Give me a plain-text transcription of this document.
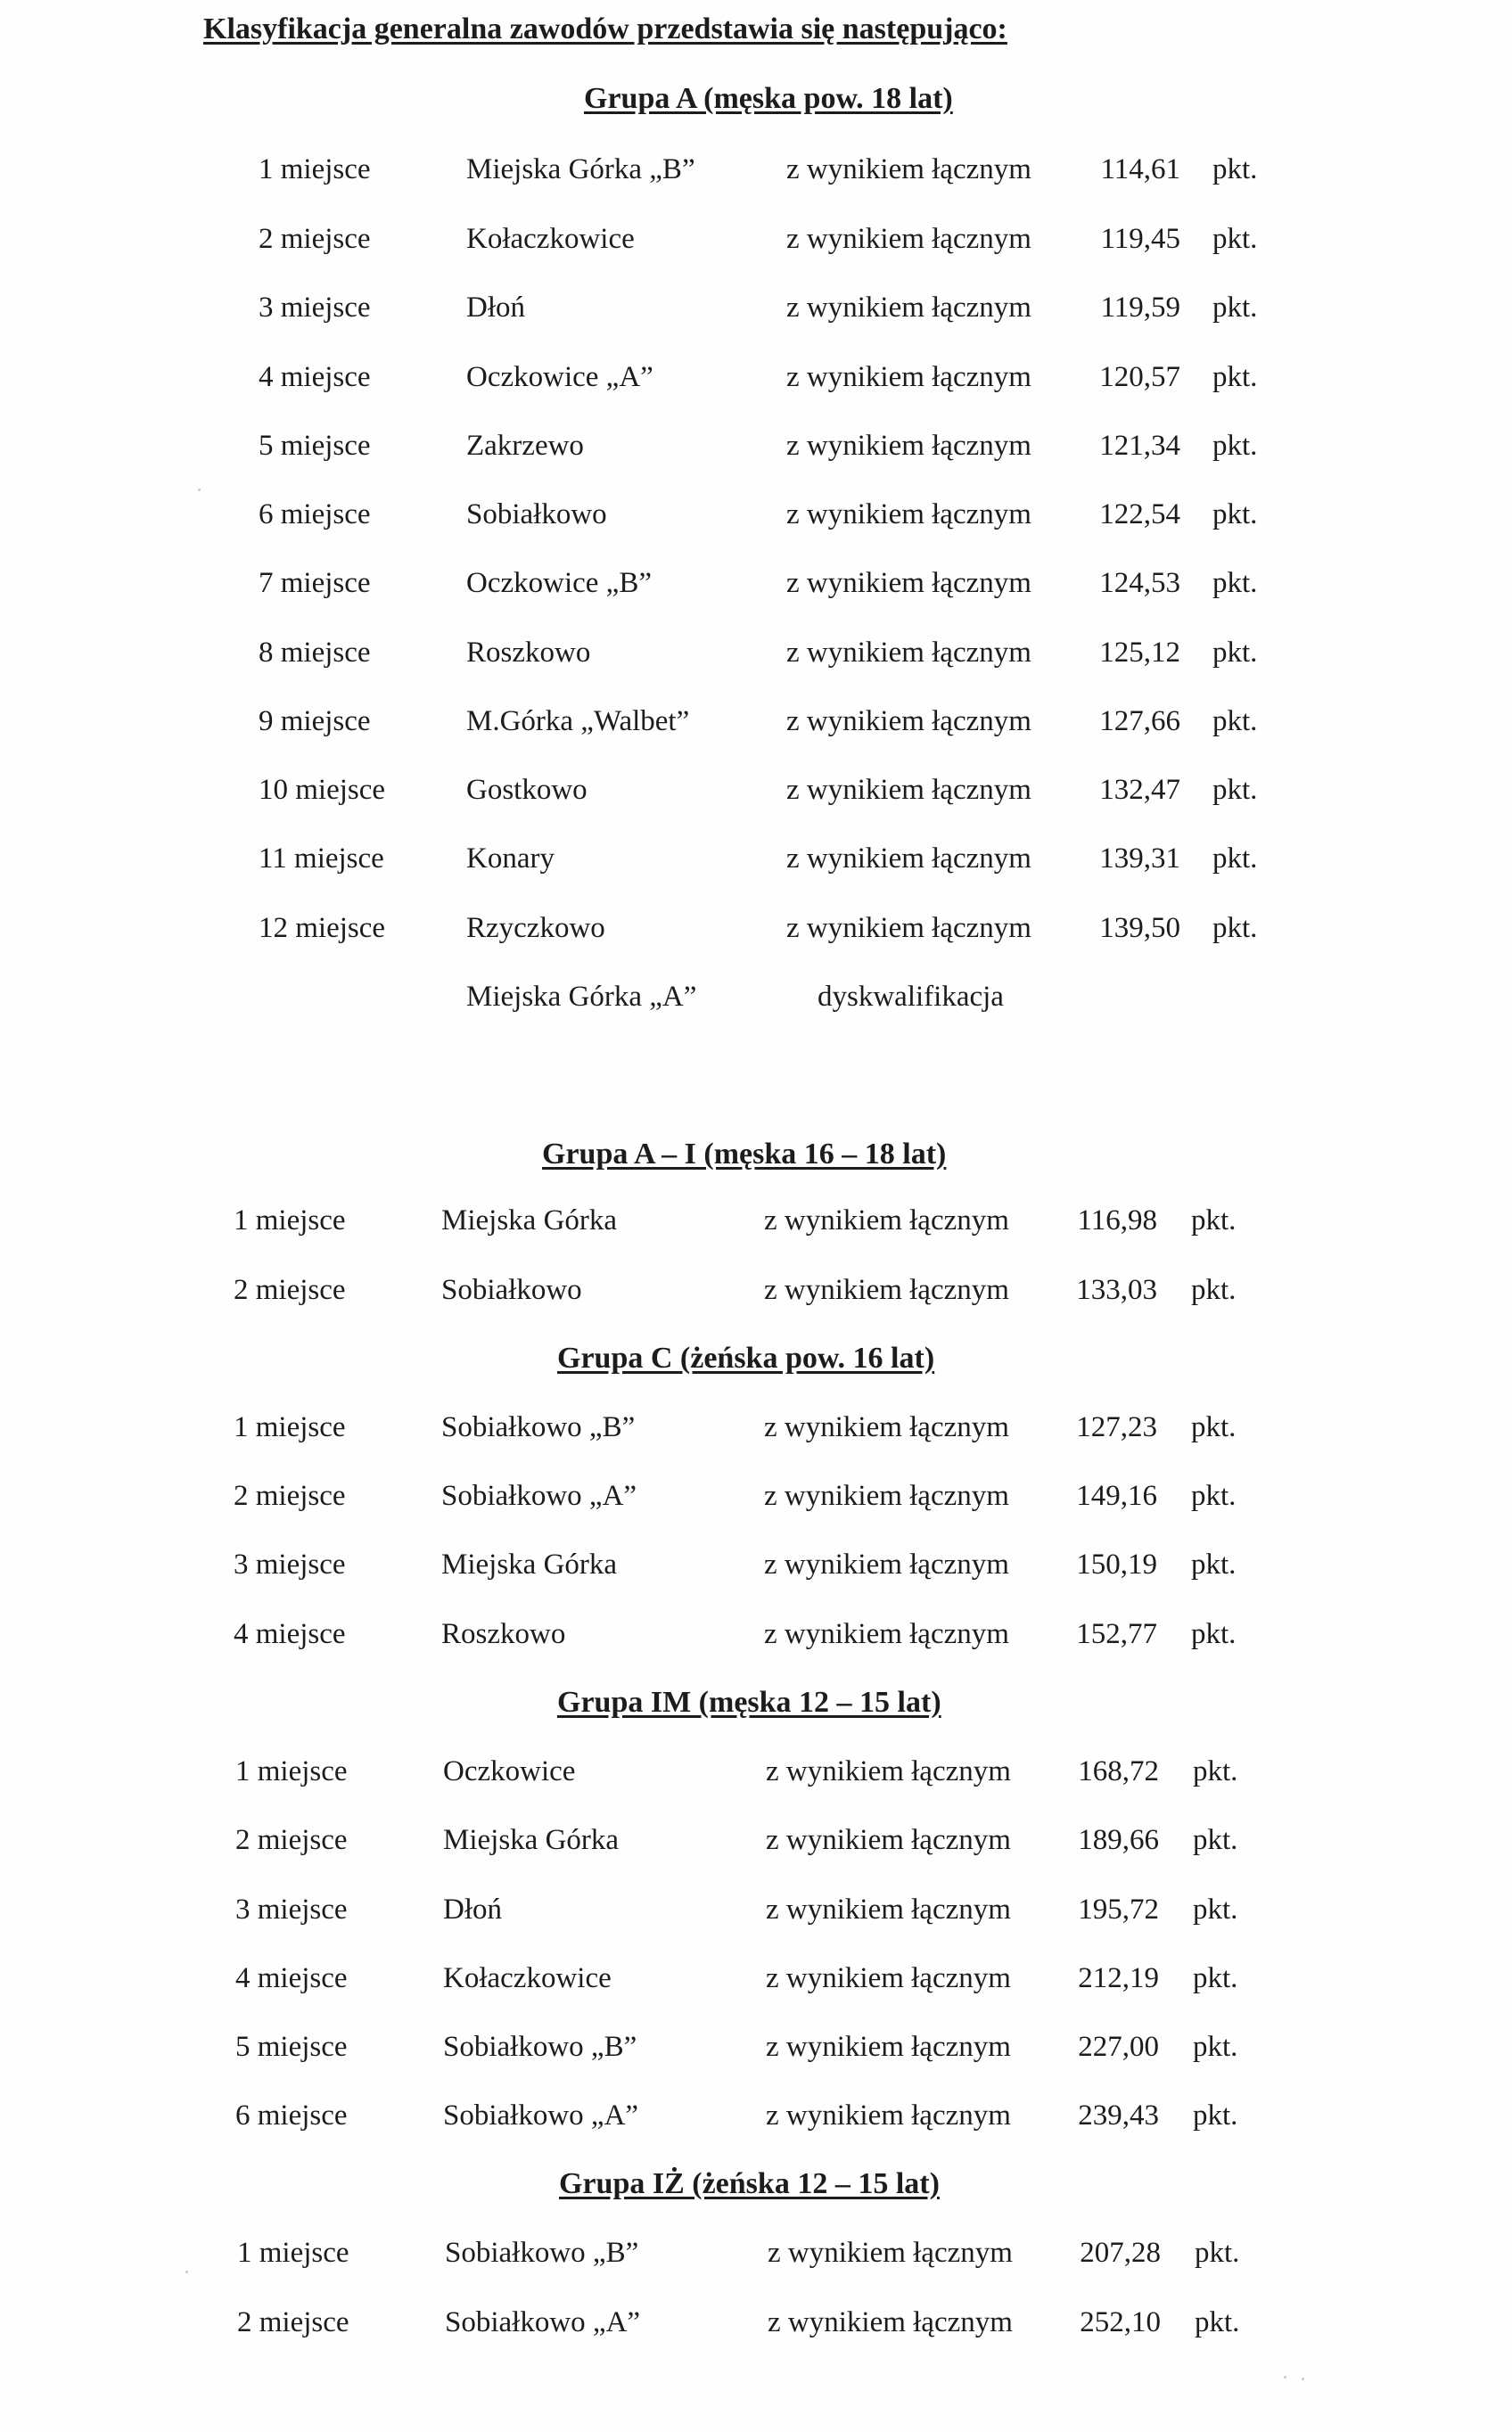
Klasyfikacja generalna zawodów przedstawia się następująco:
Grupa A (męska pow. 18 lat)
1 miejsce	Miejska Górka „B”	z wynikiem łącznym	114,61 pkt.
2 miejsce	Kołaczkowice	z wynikiem łącznym	119,45 pkt.
3 miejsce	Dłoń	z wynikiem łącznym	119,59 pkt.
4 miejsce	Oczkowice „A”	z wynikiem łącznym	120,57 pkt.
5 miejsce	Zakrzewo	z wynikiem łącznym	121,34 pkt.
6 miejsce	Sobiałkowo	z wynikiem łącznym	122,54 pkt.
7 miejsce	Oczkowice „B”	z wynikiem łącznym	124,53 pkt.
8 miejsce	Roszkowo	z wynikiem łącznym	125,12 pkt.
9 miejsce	M.Górka „Walbet”	z wynikiem łącznym	127,66 pkt.
10 miejsce	Gostkowo	z wynikiem łącznym	132,47 pkt.
11 miejsce	Konary	z wynikiem łącznym	139,31 pkt.
12 miejsce	Rzyczkowo	z wynikiem łącznym	139,50 pkt.
Miejska Górka „A”	dyskwalifikacja
Grupa A – I (męska 16 – 18 lat)
1 miejsce	Miejska Górka	z wynikiem łącznym	116,98 pkt.
2 miejsce	Sobiałkowo	z wynikiem łącznym	133,03 pkt.
Grupa C (żeńska pow. 16 lat)
1 miejsce	Sobiałkowo „B”	z wynikiem łącznym	127,23 pkt.
2 miejsce	Sobiałkowo „A”	z wynikiem łącznym	149,16 pkt.
3 miejsce	Miejska Górka	z wynikiem łącznym	150,19 pkt.
4 miejsce	Roszkowo	z wynikiem łącznym	152,77 pkt.
Grupa IM (męska 12 – 15 lat)
1 miejsce	Oczkowice	z wynikiem łącznym	168,72 pkt.
2 miejsce	Miejska Górka	z wynikiem łącznym	189,66 pkt.
3 miejsce	Dłoń	z wynikiem łącznym	195,72 pkt.
4 miejsce	Kołaczkowice	z wynikiem łącznym	212,19 pkt.
5 miejsce	Sobiałkowo „B”	z wynikiem łącznym	227,00 pkt.
6 miejsce	Sobiałkowo „A”	z wynikiem łącznym	239,43 pkt.
Grupa IŻ (żeńska 12 – 15 lat)
1 miejsce	Sobiałkowo „B”	z wynikiem łącznym	207,28 pkt.
2 miejsce	Sobiałkowo „A”	z wynikiem łącznym	252,10 pkt.
